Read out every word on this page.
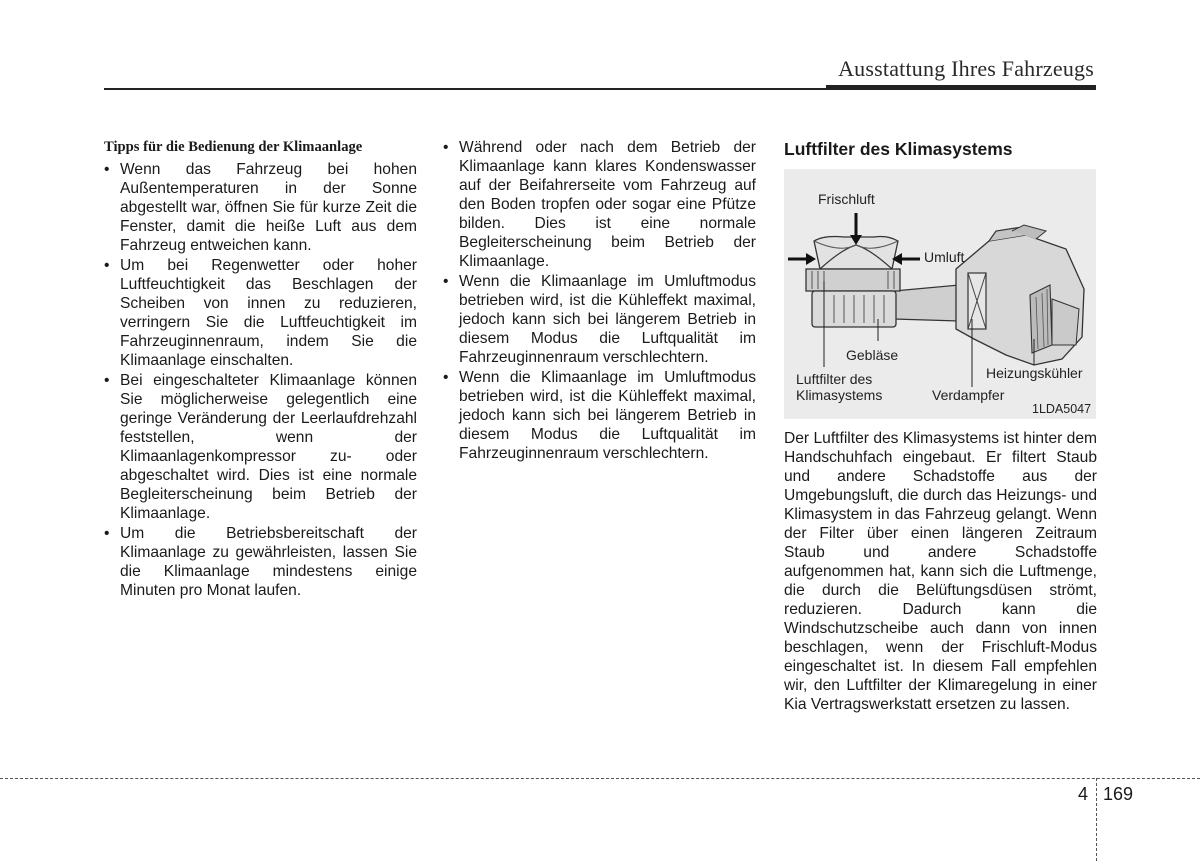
Ausstattung Ihres Fahrzeugs
Tipps für die Bedienung der Klimaanlage
• Wenn das Fahrzeug bei hohen Außentemperaturen in der Sonne abgestellt war, öffnen Sie für kurze Zeit die Fenster, damit die heiße Luft aus dem Fahrzeug entweichen kann.
• Um bei Regenwetter oder hoher Luftfeuchtigkeit das Beschlagen der Scheiben von innen zu reduzieren, verringern Sie die Luftfeuchtigkeit im Fahrzeuginnenraum, indem Sie die Klimaanlage einschalten.
• Bei eingeschalteter Klimaanlage können Sie möglicherweise gelegentlich eine geringe Veränderung der Leerlaufdrehzahl feststellen, wenn der Klimaanlagenkompressor zu- oder abgeschaltet wird. Dies ist eine normale Begleiterscheinung beim Betrieb der Klimaanlage.
• Um die Betriebsbereitschaft der Klimaanlage zu gewährleisten, lassen Sie die Klimaanlage mindestens einige Minuten pro Monat laufen.
• Während oder nach dem Betrieb der Klimaanlage kann klares Kondenswasser auf der Beifahrerseite vom Fahrzeug auf den Boden tropfen oder sogar eine Pfütze bilden. Dies ist eine normale Begleiterscheinung beim Betrieb der Klimaanlage.
• Wenn die Klimaanlage im Umluftmodus betrieben wird, ist die Kühleffekt maximal, jedoch kann sich bei längerem Betrieb in diesem Modus die Luftqualität im Fahrzeuginnenraum verschlechtern.
• Wenn die Klimaanlage im Umluftmodus betrieben wird, ist die Kühleffekt maximal, jedoch kann sich bei längerem Betrieb in diesem Modus die Luftqualität im Fahrzeuginnenraum verschlechtern.
Luftfilter des Klimasystems
Frischluft
Umluft
Gebläse
Luftfilter des
Klimasystems	Verdampfer
Heizungskühler
1LDA5047
Der Luftfilter des Klimasystems ist hinter dem Handschuhfach eingebaut. Er filtert Staub und andere Schadstoffe aus der Umgebungsluft, die durch das Heizungs- und Klimasystem in das Fahrzeug gelangt. Wenn der Filter über einen längeren Zeitraum Staub und andere Schadstoffe aufgenommen hat, kann sich die Luftmenge, die durch die Belüftungsdüsen strömt, reduzieren. Dadurch kann die Windschutzscheibe auch dann von innen beschlagen, wenn der Frischluft-Modus eingeschaltet ist. In diesem Fall empfehlen wir, den Luftfilter der Klimaregelung in einer Kia Vertragswerkstatt ersetzen zu lassen.
4 169
